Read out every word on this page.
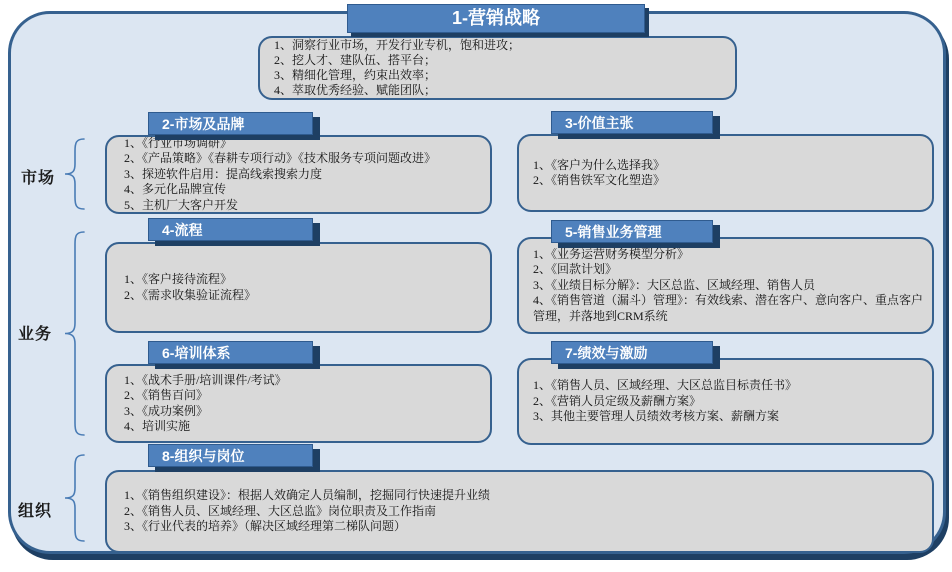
1-营销战略
1、洞察行业市场，开发行业专机，饱和进攻；
2、挖人才、建队伍、搭平台；
3、精细化管理，约束出效率；
4、萃取优秀经验、赋能团队；
市场
业务
组织
2-市场及品牌
1、《行业市场调研》
2、《产品策略》《春耕专项行动》《技术服务专项问题改进》
3、探迹软件启用：提高线索搜索力度
4、多元化品牌宣传
5、主机厂大客户开发
3-价值主张
1、《客户为什么选择我》
2、《销售铁军文化塑造》
4-流程
1、《客户接待流程》
2、《需求收集验证流程》
5-销售业务管理
1、《业务运营财务模型分析》
2、《回款计划》
3、《业绩目标分解》：大区总监、区域经理、销售人员
4、《销售管道（漏斗）管理》：有效线索、潜在客户、意向客户、重点客户管理，并落地到CRM系统
6-培训体系
1、《战术手册/培训课件/考试》
2、《销售百问》
3、《成功案例》
4、培训实施
7-绩效与激励
1、《销售人员、区域经理、大区总监目标责任书》
2、《营销人员定级及薪酬方案》
3、其他主要管理人员绩效考核方案、薪酬方案
8-组织与岗位
1、《销售组织建设》：根据人效确定人员编制，挖掘同行快速提升业绩
2、《销售人员、区域经理、大区总监》岗位职责及工作指南
3、《行业代表的培养》（解决区域经理第二梯队问题）
